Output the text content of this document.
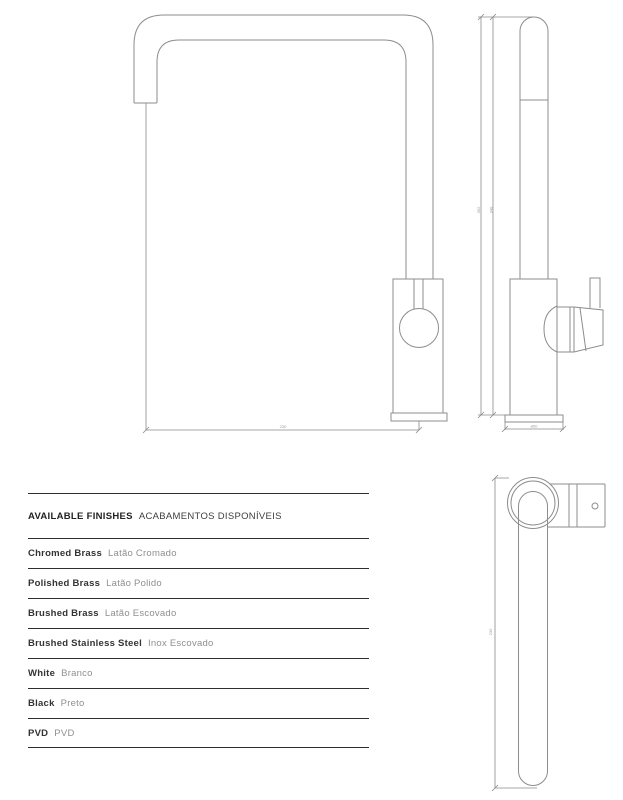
230
392 340
ø50
230
AVAILABLE FINISHES ACABAMENTOS DISPONÍVEIS
Chromed Brass Latão Cromado
Polished Brass Latão Polido
Brushed Brass Latão Escovado
Brushed Stainless Steel Inox Escovado
White Branco
Black Preto
PVD PVD
